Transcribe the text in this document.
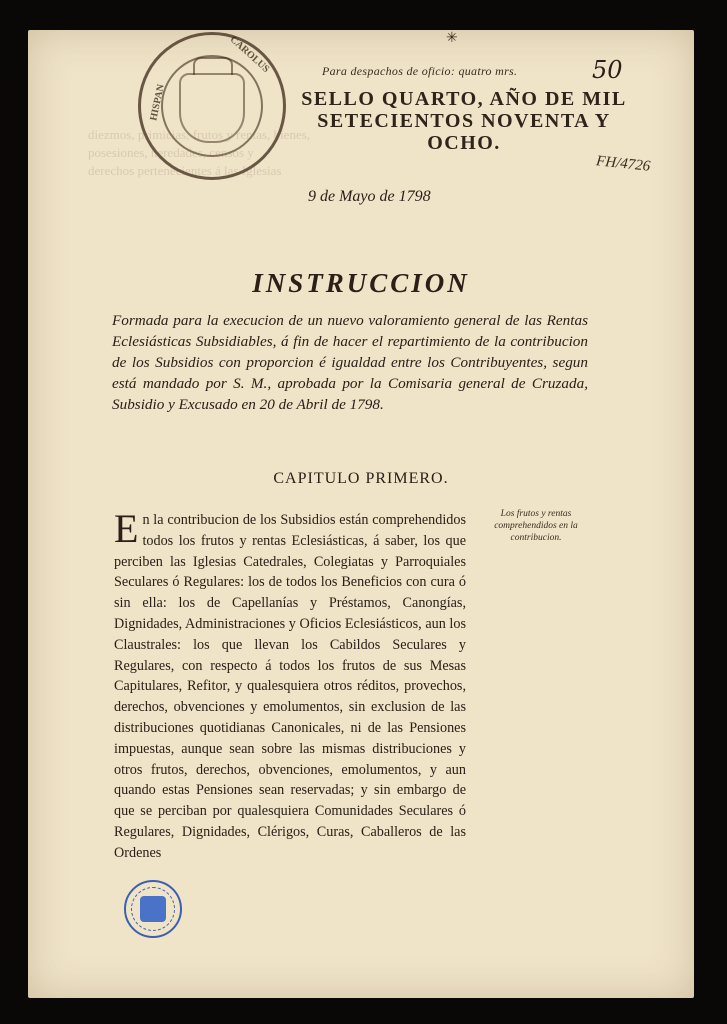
✳
CAROLUS
HISPAN
diezmos, primicias, frutos y rentas, bienes,
posesiones, heredades, censos y
derechos pertenecientes á las Iglesias
Para despachos de oficio: quatro mrs.	50
SELLO QUARTO, AÑO DE MIL SETECIENTOS NOVENTA Y OCHO.
FH/4726
9 de Mayo de 1798
INSTRUCCION
Formada para la execucion de un nuevo valoramiento general de las Rentas Eclesiásticas Subsidiables, á fin de hacer el repartimiento de la contribucion de los Subsidios con proporcion é igualdad entre los Contribuyentes, segun está mandado por S. M., aprobada por la Comisaria general de Cruzada, Subsidio y Excusado en 20 de Abril de 1798.
CAPITULO PRIMERO.
Los frutos y rentas comprehendidos en la contribucion.
En la contribucion de los Subsidios están comprehendidos todos los frutos y rentas Eclesiásticas, á saber, los que perciben las Iglesias Catedrales, Colegiatas y Parroquiales Seculares ó Regulares: los de todos los Beneficios con cura ó sin ella: los de Capellanías y Préstamos, Canongías, Dignidades, Administraciones y Oficios Eclesiásticos, aun los Claustrales: los que llevan los Cabildos Seculares y Regulares, con respecto á todos los frutos de sus Mesas Capitulares, Refitor, y qualesquiera otros réditos, provechos, derechos, obvenciones y emolumentos, sin exclusion de las distribuciones quotidianas Canonicales, ni de las Pensiones impuestas, aunque sean sobre las mismas distribuciones y otros frutos, derechos, obvenciones, emolumentos, y aun quando estas Pensiones sean reservadas; y sin embargo de que se perciban por qualesquiera Comunidades Seculares ó Regulares, Dignidades, Clérigos, Curas, Caballeros de las Ordenes
